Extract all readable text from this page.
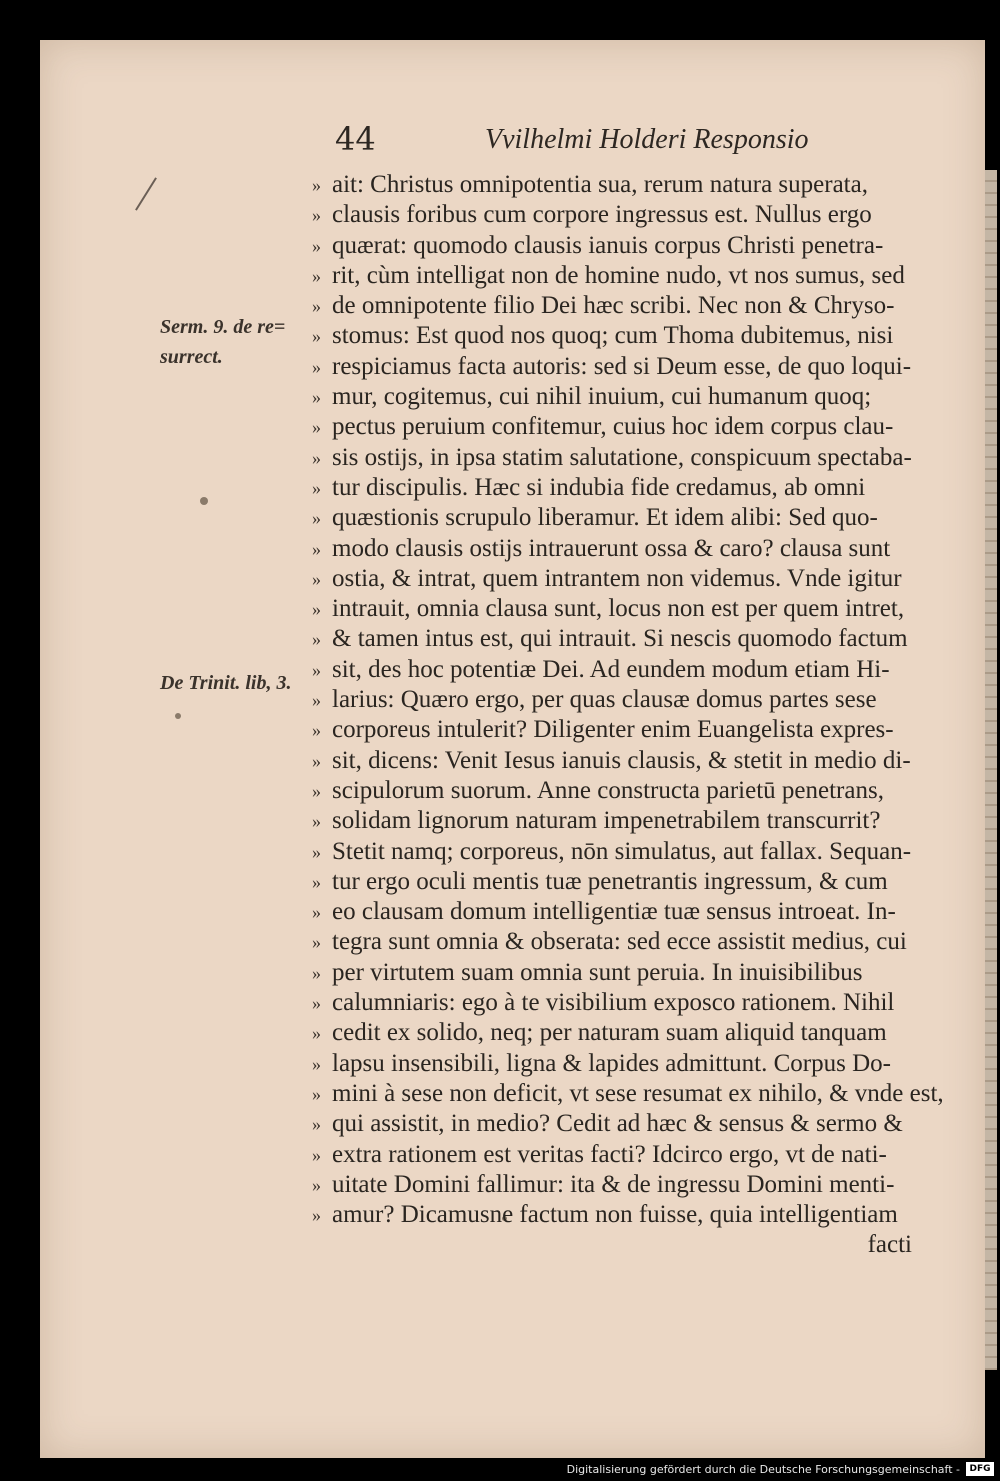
44	Vvilhelmi Holderi Responsio
Serm. 9. de re=
surrect.
De Trinit. lib, 3.
» ait: Christus omnipotentia sua, rerum natura superata,
» clausis foribus cum corpore ingressus est. Nullus ergo
» quærat: quomodo clausis ianuis corpus Christi penetra-
» rit, cùm intelligat non de homine nudo, vt nos sumus, sed
» de omnipotente filio Dei hæc scribi. Nec non & Chryso-
» stomus: Est quod nos quoq; cum Thoma dubitemus, nisi
» respiciamus facta autoris: sed si Deum esse, de quo loqui-
» mur, cogitemus, cui nihil inuium, cui humanum quoq;
» pectus peruium confitemur, cuius hoc idem corpus clau-
» sis ostijs, in ipsa statim salutatione, conspicuum spectaba-
» tur discipulis. Hæc si indubia fide credamus, ab omni
» quæstionis scrupulo liberamur. Et idem alibi: Sed quo-
» modo clausis ostijs intrauerunt ossa & caro? clausa sunt
» ostia, & intrat, quem intrantem non videmus. Vnde igitur
» intrauit, omnia clausa sunt, locus non est per quem intret,
» & tamen intus est, qui intrauit. Si nescis quomodo factum
» sit, des hoc potentiæ Dei. Ad eundem modum etiam Hi-
» larius: Quæro ergo, per quas clausæ domus partes sese
» corporeus intulerit? Diligenter enim Euangelista expres-
» sit, dicens: Venit Iesus ianuis clausis, & stetit in medio di-
» scipulorum suorum. Anne constructa parietū penetrans,
» solidam lignorum naturam impenetrabilem transcurrit?
» Stetit namq; corporeus, nōn simulatus, aut fallax. Sequan-
» tur ergo oculi mentis tuæ penetrantis ingressum, & cum
» eo clausam domum intelligentiæ tuæ sensus introeat. In-
» tegra sunt omnia & obserata: sed ecce assistit medius, cui
» per virtutem suam omnia sunt peruia. In inuisibilibus
» calumniaris: ego à te visibilium exposco rationem. Nihil
» cedit ex solido, neq; per naturam suam aliquid tanquam
» lapsu insensibili, ligna & lapides admittunt. Corpus Do-
» mini à sese non deficit, vt sese resumat ex nihilo, & vnde est,
» qui assistit, in medio? Cedit ad hæc & sensus & sermo &
» extra rationem est veritas facti? Idcirco ergo, vt de nati-
» uitate Domini fallimur: ita & de ingressu Domini menti-
» amur? Dicamusne factum non fuisse, quia intelligentiam
facti
Digitalisierung gefördert durch die Deutsche Forschungsgemeinschaft -	DFG
